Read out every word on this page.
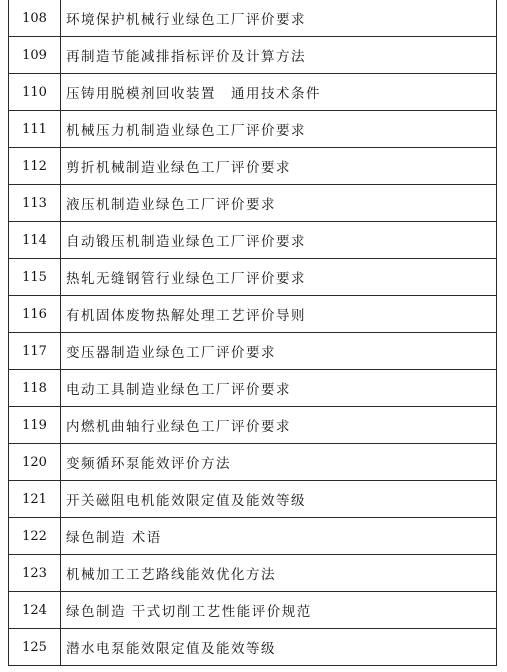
108	环境保护机械行业绿色工厂评价要求
109	再制造节能减排指标评价及计算方法
110	压铸用脱模剂回收装置　通用技术条件
111	机械压力机制造业绿色工厂评价要求
112	剪折机械制造业绿色工厂评价要求
113	液压机制造业绿色工厂评价要求
114	自动锻压机制造业绿色工厂评价要求
115	热轧无缝钢管行业绿色工厂评价要求
116	有机固体废物热解处理工艺评价导则
117	变压器制造业绿色工厂评价要求
118	电动工具制造业绿色工厂评价要求
119	内燃机曲轴行业绿色工厂评价要求
120	变频循环泵能效评价方法
121	开关磁阻电机能效限定值及能效等级
122	绿色制造 术语
123	机械加工工艺路线能效优化方法
124	绿色制造 干式切削工艺性能评价规范
125	潜水电泵能效限定值及能效等级
